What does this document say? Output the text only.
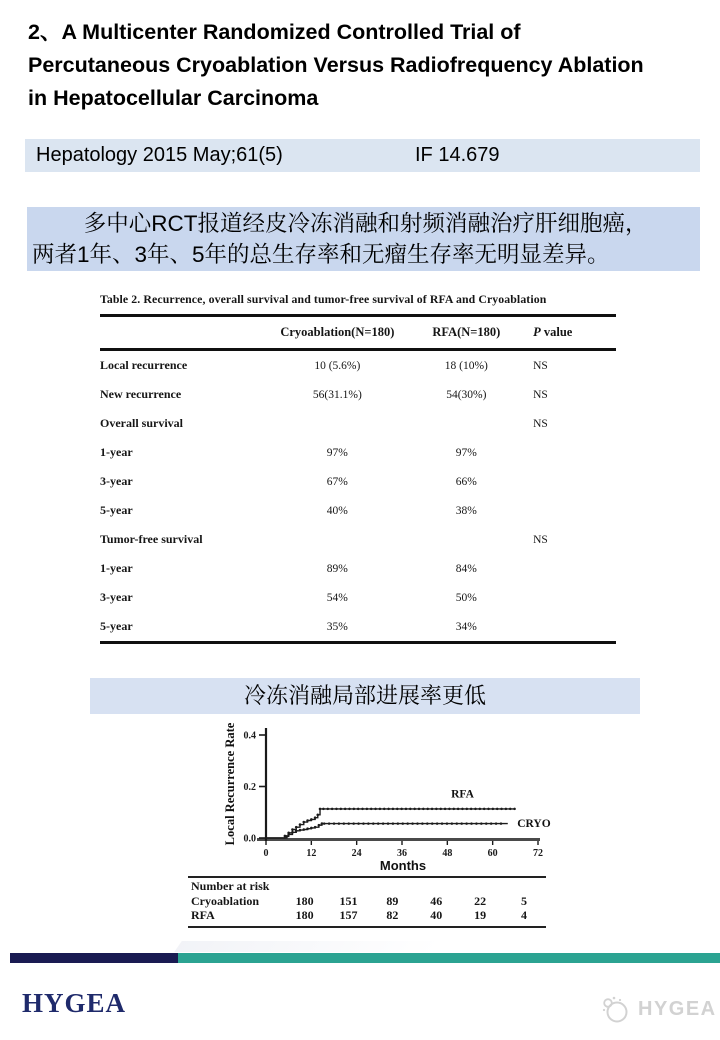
2、A Multicenter Randomized Controlled Trial of
Percutaneous Cryoablation Versus Radiofrequency Ablation
in Hepatocellular Carcinoma
Hepatology 2015 May;61(5)	IF 14.679
多中心RCT报道经皮冷冻消融和射频消融治疗肝细胞癌，
两者1年、3年、5年的总生存率和无瘤生存率无明显差异。
Table 2. Recurrence, overall survival and tumor-free survival of RFA and Cryoablation
	Cryoablation(N=180)	RFA(N=180)	P value
Local recurrence	10 (5.6%)	18 (10%)	NS
New recurrence	56(31.1%)	54(30%)	NS
Overall survival			NS
1-year	97%	97%	
3-year	67%	66%	
5-year	40%	38%	
Tumor-free survival			NS
1-year	89%	84%	
3-year	54%	50%	
5-year	35%	34%	
冷冻消融局部进展率更低
0.0
0.2
0.4
0	12	24	36	48	60	72
Months
Local Recurrence Rate	RFA
CRYO
Number at risk
Cryoablation	180	151	89	46	22	5
RFA	180	157	82	40	19	4
HYGEA	HYGEA
